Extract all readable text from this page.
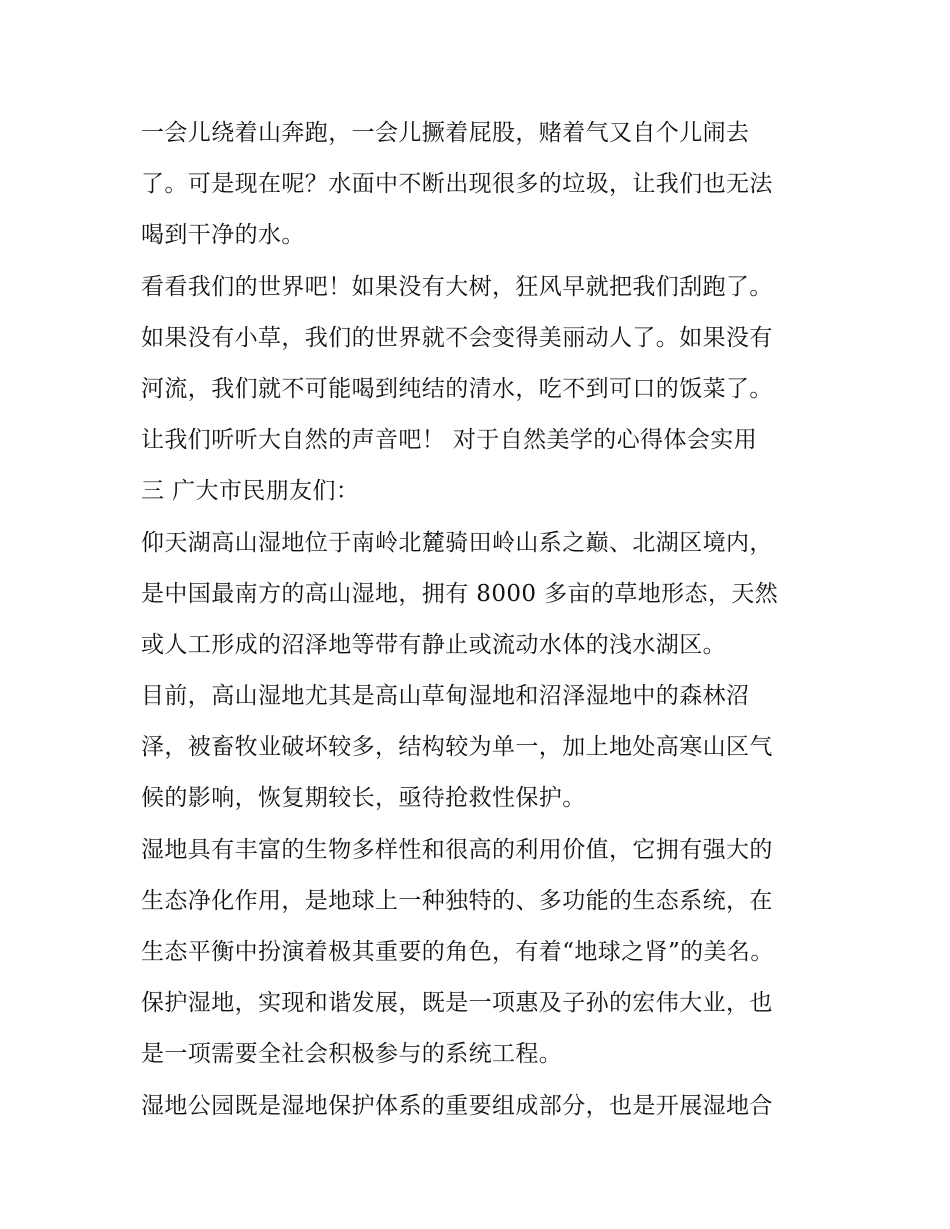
一会儿绕着山奔跑，一会儿撅着屁股，赌着气又自个儿闹去
了。可是现在呢？水面中不断出现很多的垃圾，让我们也无法
喝到干净的水。
看看我们的世界吧！如果没有大树，狂风早就把我们刮跑了。
如果没有小草，我们的世界就不会变得美丽动人了。如果没有
河流，我们就不可能喝到纯结的清水，吃不到可口的饭菜了。
让我们听听大自然的声音吧！ 对于自然美学的心得体会实用
三 广大市民朋友们：
仰天湖高山湿地位于南岭北麓骑田岭山系之巅、北湖区境内，
是中国最南方的高山湿地，拥有 8000 多亩的草地形态，天然
或人工形成的沼泽地等带有静止或流动水体的浅水湖区。
目前，高山湿地尤其是高山草甸湿地和沼泽湿地中的森林沼
泽，被畜牧业破坏较多，结构较为单一，加上地处高寒山区气
候的影响，恢复期较长，亟待抢救性保护。
湿地具有丰富的生物多样性和很高的利用价值，它拥有强大的
生态净化作用，是地球上一种独特的、多功能的生态系统，在
生态平衡中扮演着极其重要的角色，有着“地球之肾”的美名。
保护湿地，实现和谐发展，既是一项惠及子孙的宏伟大业，也
是一项需要全社会积极参与的系统工程。
湿地公园既是湿地保护体系的重要组成部分，也是开展湿地合
